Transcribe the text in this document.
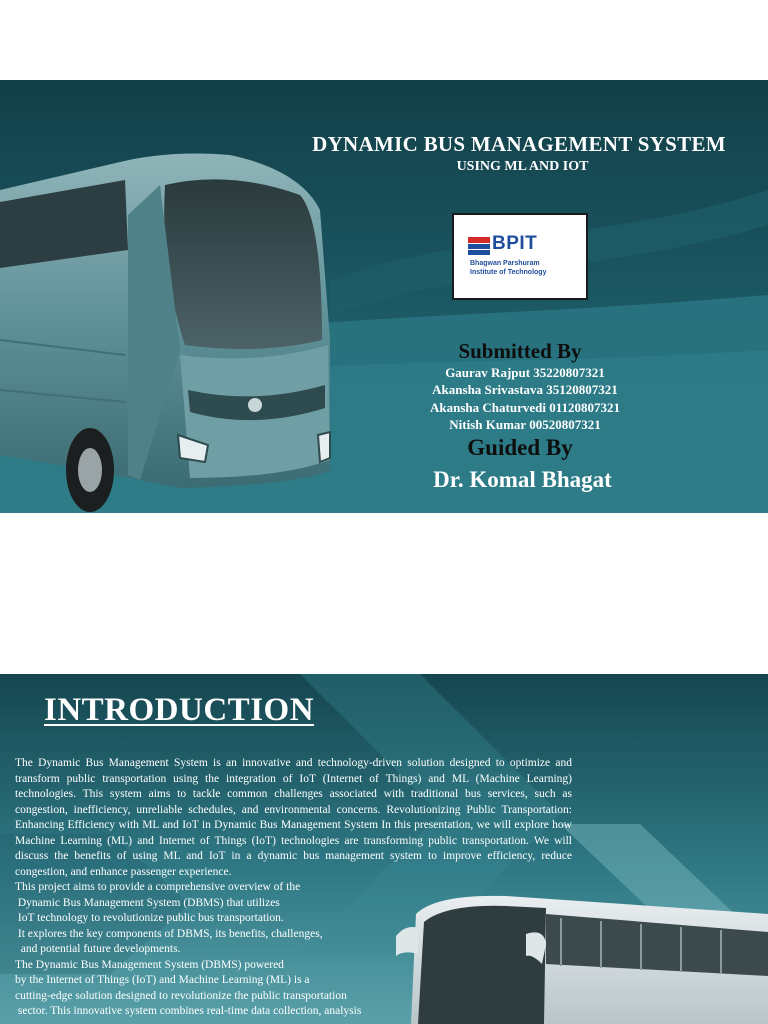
DYNAMIC BUS MANAGEMENT SYSTEM
USING ML AND IOT
BPIT
Bhagwan Parshuram
Institute of Technology
Submitted By
Gaurav Rajput 35220807321
Akansha Srivastava 35120807321
Akansha Chaturvedi 01120807321
Nitish Kumar 00520807321
Guided By
Dr. Komal Bhagat
INTRODUCTION

The Dynamic Bus Management System is an innovative and technology-driven solution designed to optimize and transform public transportation using the integration of IoT (Internet of Things) and ML (Machine Learning) technologies. This system aims to tackle common challenges associated with traditional bus services, such as congestion, inefficiency, unreliable schedules, and environmental concerns. Revolutionizing Public Transportation: Enhancing Efficiency with ML and IoT in Dynamic Bus Management System In this presentation, we will explore how Machine Learning (ML) and Internet of Things (IoT) technologies are transforming public transportation. We will discuss the benefits of using ML and IoT in a dynamic bus management system to improve efficiency, reduce congestion, and enhance passenger experience.

This project aims to provide a comprehensive overview of the

Dynamic Bus Management System (DBMS) that utilizes

IoT technology to revolutionize public bus transportation.

It explores the key components of DBMS, its benefits, challenges,

and potential future developments.

The Dynamic Bus Management System (DBMS) powered

by the Internet of Things (IoT) and Machine Learning (ML) is a

cutting-edge solution designed to revolutionize the public transportation

sector. This innovative system combines real-time data collection, analysis
